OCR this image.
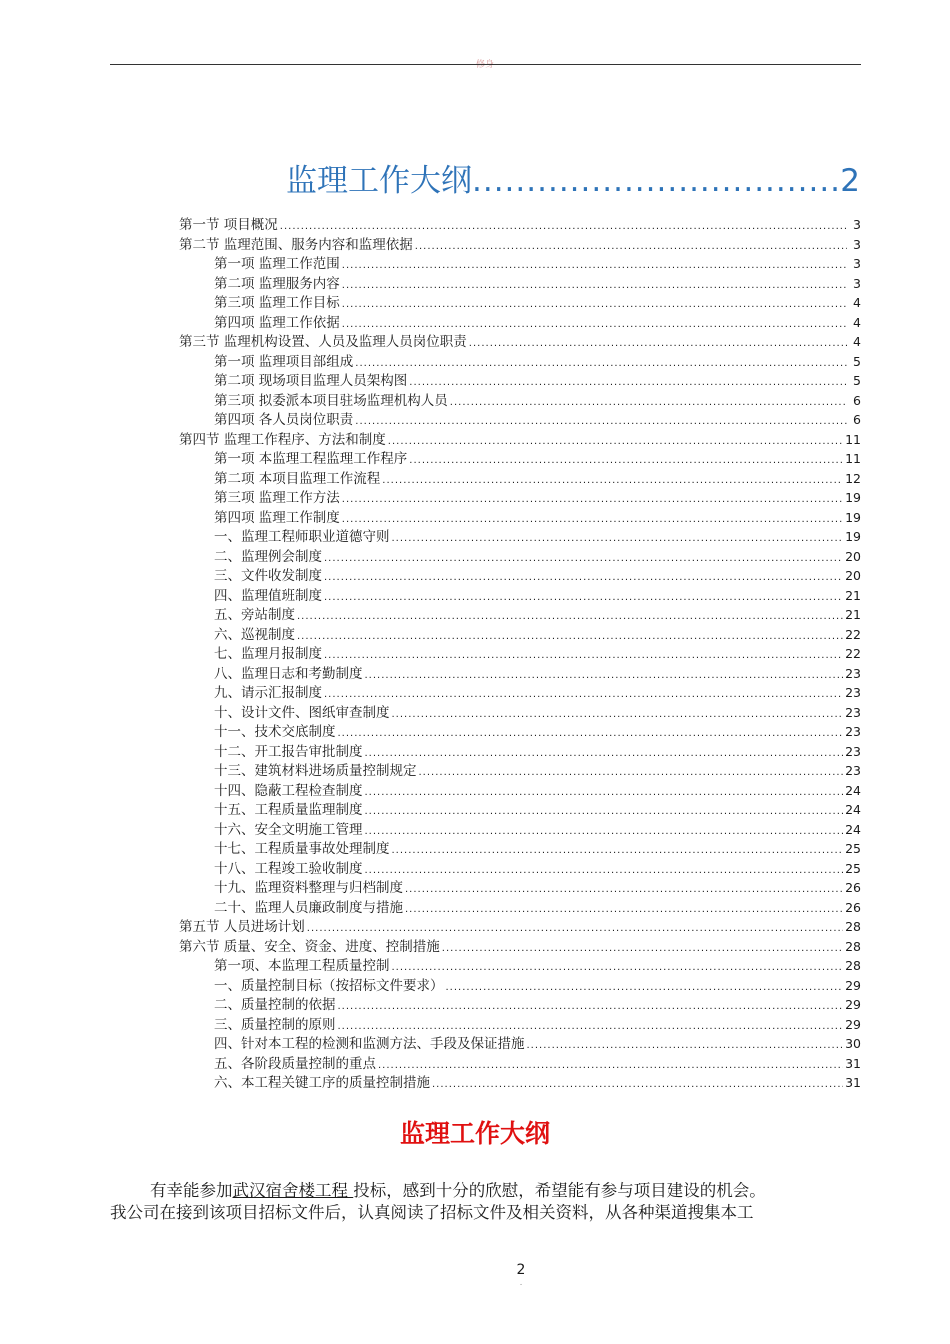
修身
监理工作大纲 .....	2
第一节 项目概况 .....	3
第二节 监理范围、服务内容和监理依据 .....	3
第一项 监理工作范围 .....	3
第二项 监理服务内容 .....	3
第三项 监理工作目标 .....	4
第四项 监理工作依据 .....	4
第三节 监理机构设置、人员及监理人员岗位职责 .....	4
第一项 监理项目部组成 .....	5
第二项 现场项目监理人员架构图 .....	5
第三项 拟委派本项目驻场监理机构人员 .....	6
第四项 各人员岗位职责 .....	6
第四节 监理工作程序、方法和制度 .....	11
第一项 本监理工程监理工作程序 .....	11
第二项 本项目监理工作流程 .....	12
第三项 监理工作方法 .....	19
第四项 监理工作制度 .....	19
一、监理工程师职业道德守则 .....	19
二、监理例会制度 .....	20
三、文件收发制度 .....	20
四、监理值班制度 .....	21
五、旁站制度 .....	21
六、巡视制度 .....	22
七、监理月报制度 .....	22
八、监理日志和考勤制度 .....	23
九、请示汇报制度 .....	23
十、设计文件、图纸审查制度 .....	23
十一、技术交底制度 .....	23
十二、开工报告审批制度 .....	23
十三、建筑材料进场质量控制规定 .....	23
十四、隐蔽工程检查制度 .....	24
十五、工程质量监理制度 .....	24
十六、安全文明施工管理 .....	24
十七、工程质量事故处理制度 .....	25
十八、工程竣工验收制度 .....	25
十九、监理资料整理与归档制度 .....	26
二十、监理人员廉政制度与措施 .....	26
第五节 人员进场计划 .....	28
第六节 质量、安全、资金、进度、控制措施 .....	28
第一项、本监理工程质量控制 .....	28
一、质量控制目标（按招标文件要求） .....	29
二、质量控制的依据 .....	29
三、质量控制的原则 .....	29
四、针对本工程的检测和监测方法、手段及保证措施 .....	30
五、各阶段质量控制的重点 .....	31
六、本工程关键工序的质量控制措施 .....	31
监理工作大纲

有幸能参加武汉宿舍楼工程 投标，感到十分的欣慰，希望能有参与项目建设的机会。

我公司在接到该项目招标文件后，认真阅读了招标文件及相关资料，从各种渠道搜集本工

2
.
